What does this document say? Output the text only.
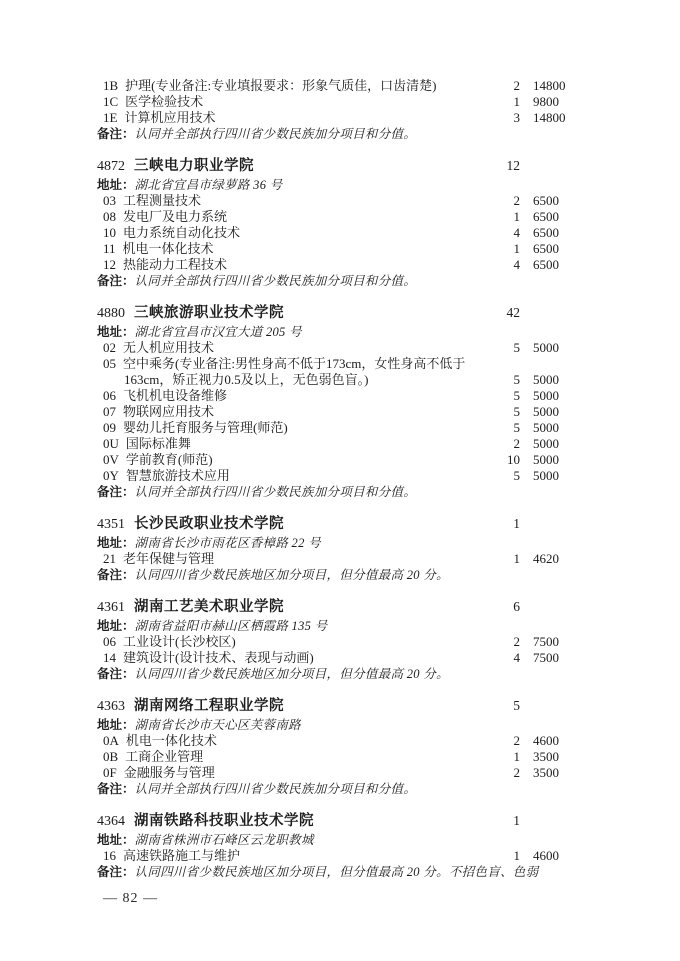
1B 护理(专业备注:专业填报要求：形象气质佳，口齿清楚)	2	14800
1C 医学检验技术	1	9800
1E 计算机应用技术	3	14800
备注：认同并全部执行四川省少数民族加分项目和分值。
4872 三峡电力职业学院	12
地址：湖北省宜昌市绿萝路 36 号
03 工程测量技术	2	6500
08 发电厂及电力系统	1	6500
10 电力系统自动化技术	4	6500
11 机电一体化技术	1	6500
12 热能动力工程技术	4	6500
备注：认同并全部执行四川省少数民族加分项目和分值。
4880 三峡旅游职业技术学院	42
地址：湖北省宜昌市汉宜大道 205 号
02 无人机应用技术	5	5000
05 空中乘务(专业备注:男性身高不低于173cm，女性身高不低于163cm，矫正视力0.5及以上，无色弱色盲。)	5	5000
06 飞机机电设备维修	5	5000
07 物联网应用技术	5	5000
09 婴幼儿托育服务与管理(师范)	5	5000
0U 国际标准舞	2	5000
0V 学前教育(师范)	10	5000
0Y 智慧旅游技术应用	5	5000
备注：认同并全部执行四川省少数民族加分项目和分值。
4351 长沙民政职业技术学院	1
地址：湖南省长沙市雨花区香樟路 22 号
21 老年保健与管理	1	4620
备注：认同四川省少数民族地区加分项目，但分值最高 20 分。
4361 湖南工艺美术职业学院	6
地址：湖南省益阳市赫山区栖霞路 135 号
06 工业设计(长沙校区)	2	7500
14 建筑设计(设计技术、表现与动画)	4	7500
备注：认同四川省少数民族地区加分项目，但分值最高 20 分。
4363 湖南网络工程职业学院	5
地址：湖南省长沙市天心区芙蓉南路
0A 机电一体化技术	2	4600
0B 工商企业管理	1	3500
0F 金融服务与管理	2	3500
备注：认同并全部执行四川省少数民族加分项目和分值。
4364 湖南铁路科技职业技术学院	1
地址：湖南省株洲市石峰区云龙职教城
16 高速铁路施工与维护	1	4600
备注：认同四川省少数民族地区加分项目，但分值最高 20 分。不招色盲、色弱
— 82 —
